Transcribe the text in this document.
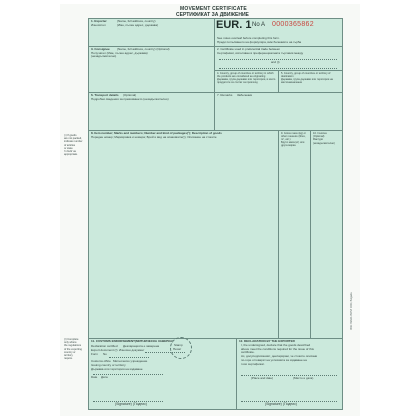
MOVEMENT CERTIFICATE
СЕРТИФИКАТ ЗА ДВИЖЕНИЕ
1. Exporter	(Name, full address, country)
Износител	(Име, пълен адрес, държава)
See notes overleaf before completing this form.
Преди попълването на формуляра, виж бележките на гърба
3. Consignee (Name, full address, country) (Optional)
Получател (Име, пълен адрес, държава)
(незадължително)
2. Certificate used in preferential trade between
Сертификат, използван в преференциалната търговия между
and (i)
4. Country, group of countries or territory in which the products are considered as originating
Държава, група държави или територия, в която продуктите се считат за произход
5. Country, group of countries or territory of destination
Държава, група държави или територия на местоназначение
6. Transport details (Optional)
Подробни сведения за превозването (незадължително)
7. Remarks Забележки
8. Item number; Marks and numbers; Number and kind of packages(¹); Description of goods
Пореден номер; Маркировка и номера; Брой и вид на опаковките(¹); Описание на стоките
9. Gross mass (kg) or other measure (litres, m³, etc.)
Бруто маса (кг) или друга мярка
10. Invoices
(Optional)
Фактури (незадължително)
11. CUSTOMS ENDORSEMENT (МИТНИЧЕСКА ЗАВЕРКА)
Declaration certified Декларацията е заверена
Export document (²) Износен документ
Form No
Customs office Митническо учреждение
Issuing country or territory
Държава или територия на издаване
Date Дата
(Signature) (Подпис)
12. DECLARATION BY THE EXPORTER
I, the undersigned, declare that the goods described
above meet the conditions required for the issue of this
certificate.
Аз, долуподписаният, декларирам, че стоките описани
по-горе отговарят на условията за издаване на
този сертификат.
(Place and date)	(Място и дата)
(Signature) (Подпис)
Stamp
Печат
EUR. 1 No A 0000365862
(¹) If goods
are not packed,
indicate number
of articles
or state
'in bulk' as
appropriate.
(²) Complete
only where
the regulations
of the exporting
country or
territory
require.
Print: BEMO-PRINT OOD, Bulgaria
